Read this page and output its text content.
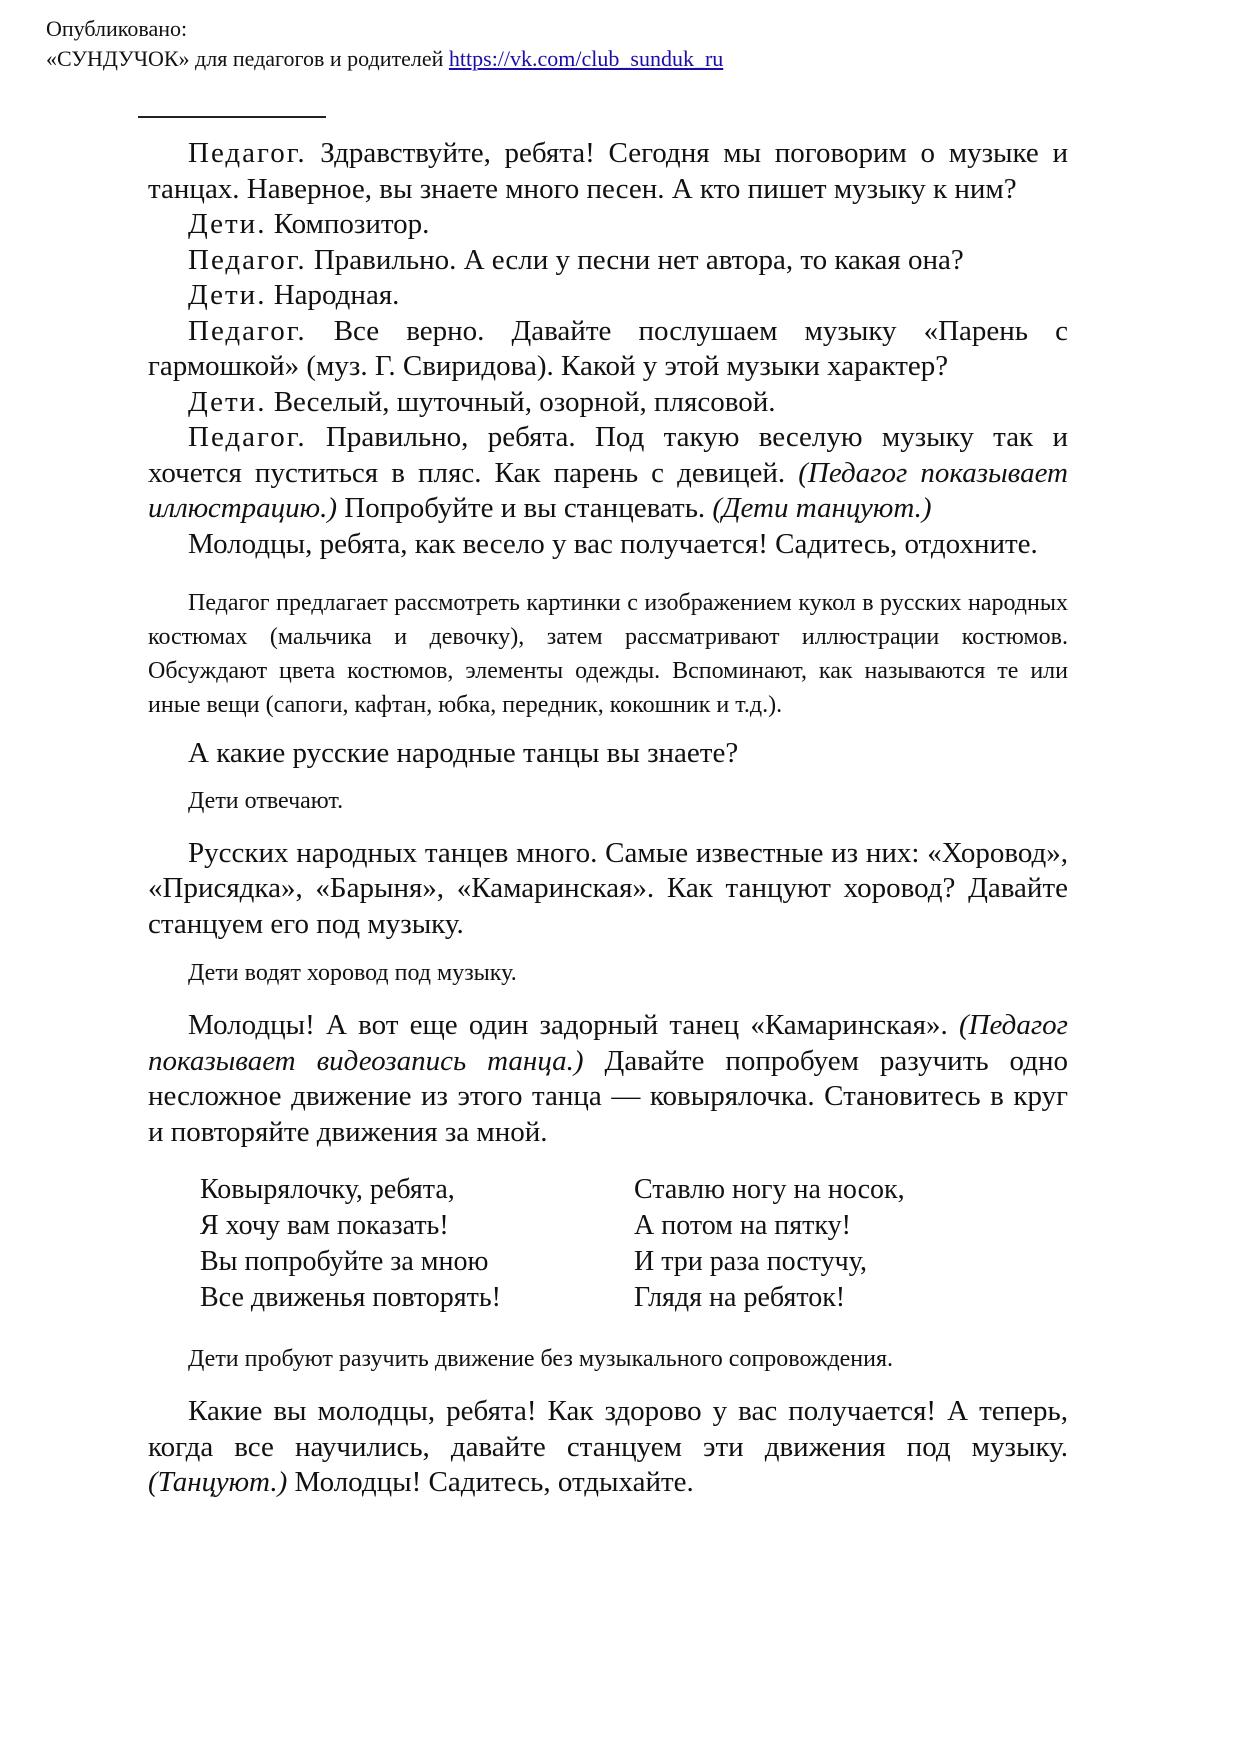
Опубликовано:
«СУНДУЧОК» для педагогов и родителей https://vk.com/club_sunduk_ru

Педагог. Здравствуйте, ребята! Сегодня мы поговорим о музыке и танцах. Наверное, вы знаете много песен. А кто пишет музыку к ним?

Дети. Композитор.

Педагог. Правильно. А если у песни нет автора, то какая она?

Дети. Народная.

Педагог. Все верно. Давайте послушаем музыку «Парень с гармошкой» (муз. Г. Свиридова). Какой у этой музыки характер?

Дети. Веселый, шуточный, озорной, плясовой.

Педагог. Правильно, ребята. Под такую веселую музыку так и хочется пуститься в пляс. Как парень с девицей. (Педагог показывает иллюстрацию.) Попробуйте и вы станцевать. (Дети танцуют.)

Молодцы, ребята, как весело у вас получается! Садитесь, отдохните.

Педагог предлагает рассмотреть картинки с изображением кукол в русских народных костюмах (мальчика и девочку), затем рассматривают иллюстрации костюмов. Обсуждают цвета костюмов, элементы одежды. Вспоминают, как называются те или иные вещи (сапоги, кафтан, юбка, передник, кокошник и т.д.).

А какие русские народные танцы вы знаете?

Дети отвечают.

Русских народных танцев много. Самые известные из них: «Хоровод», «Присядка», «Барыня», «Камаринская». Как танцуют хоровод? Давайте станцуем его под музыку.

Дети водят хоровод под музыку.

Молодцы! А вот еще один задорный танец «Камаринская». (Педагог показывает видеозапись танца.) Давайте попробуем разучить одно несложное движение из этого танца — ковырялочка. Становитесь в круг и повторяйте движения за мной.

Ковырялочку, ребята,
Я хочу вам показать!
Вы попробуйте за мною
Все движенья повторять!
Ставлю ногу на носок,
А потом на пятку!
И три раза постучу,
Глядя на ребяток!

Дети пробуют разучить движение без музыкального сопровождения.

Какие вы молодцы, ребята! Как здорово у вас получается! А теперь, когда все научились, давайте станцуем эти движения под музыку. (Танцуют.) Молодцы! Садитесь, отдыхайте.
